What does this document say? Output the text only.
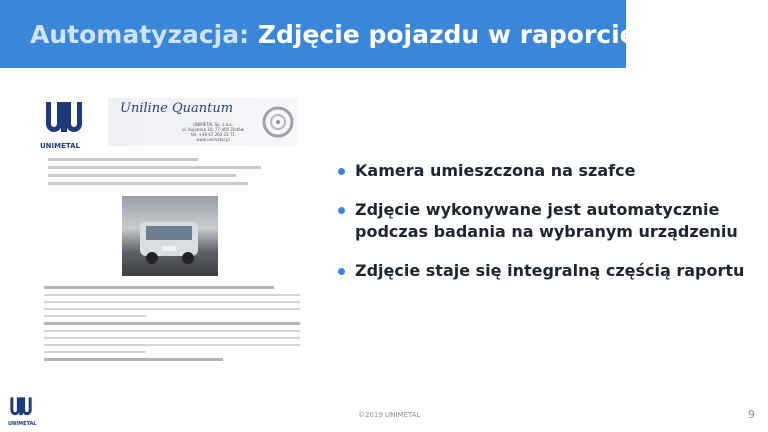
Automatyzacja: Zdjęcie pojazdu w raporcie
UNIMETAL
Uniline Quantum
UNIMETAL Sp. z o.o.
ul. Kujańska 10, 77-400 Złotów
tel. +48 67 263 22 71
www.unimetal.pl
Kamera umieszczona na szafce
Zdjęcie wykonywane jest automatycznie podczas badania na wybranym urządzeniu
Zdjęcie staje się integralną częścią raportu
UNIMETAL
©2019 UNIMETAL	9
